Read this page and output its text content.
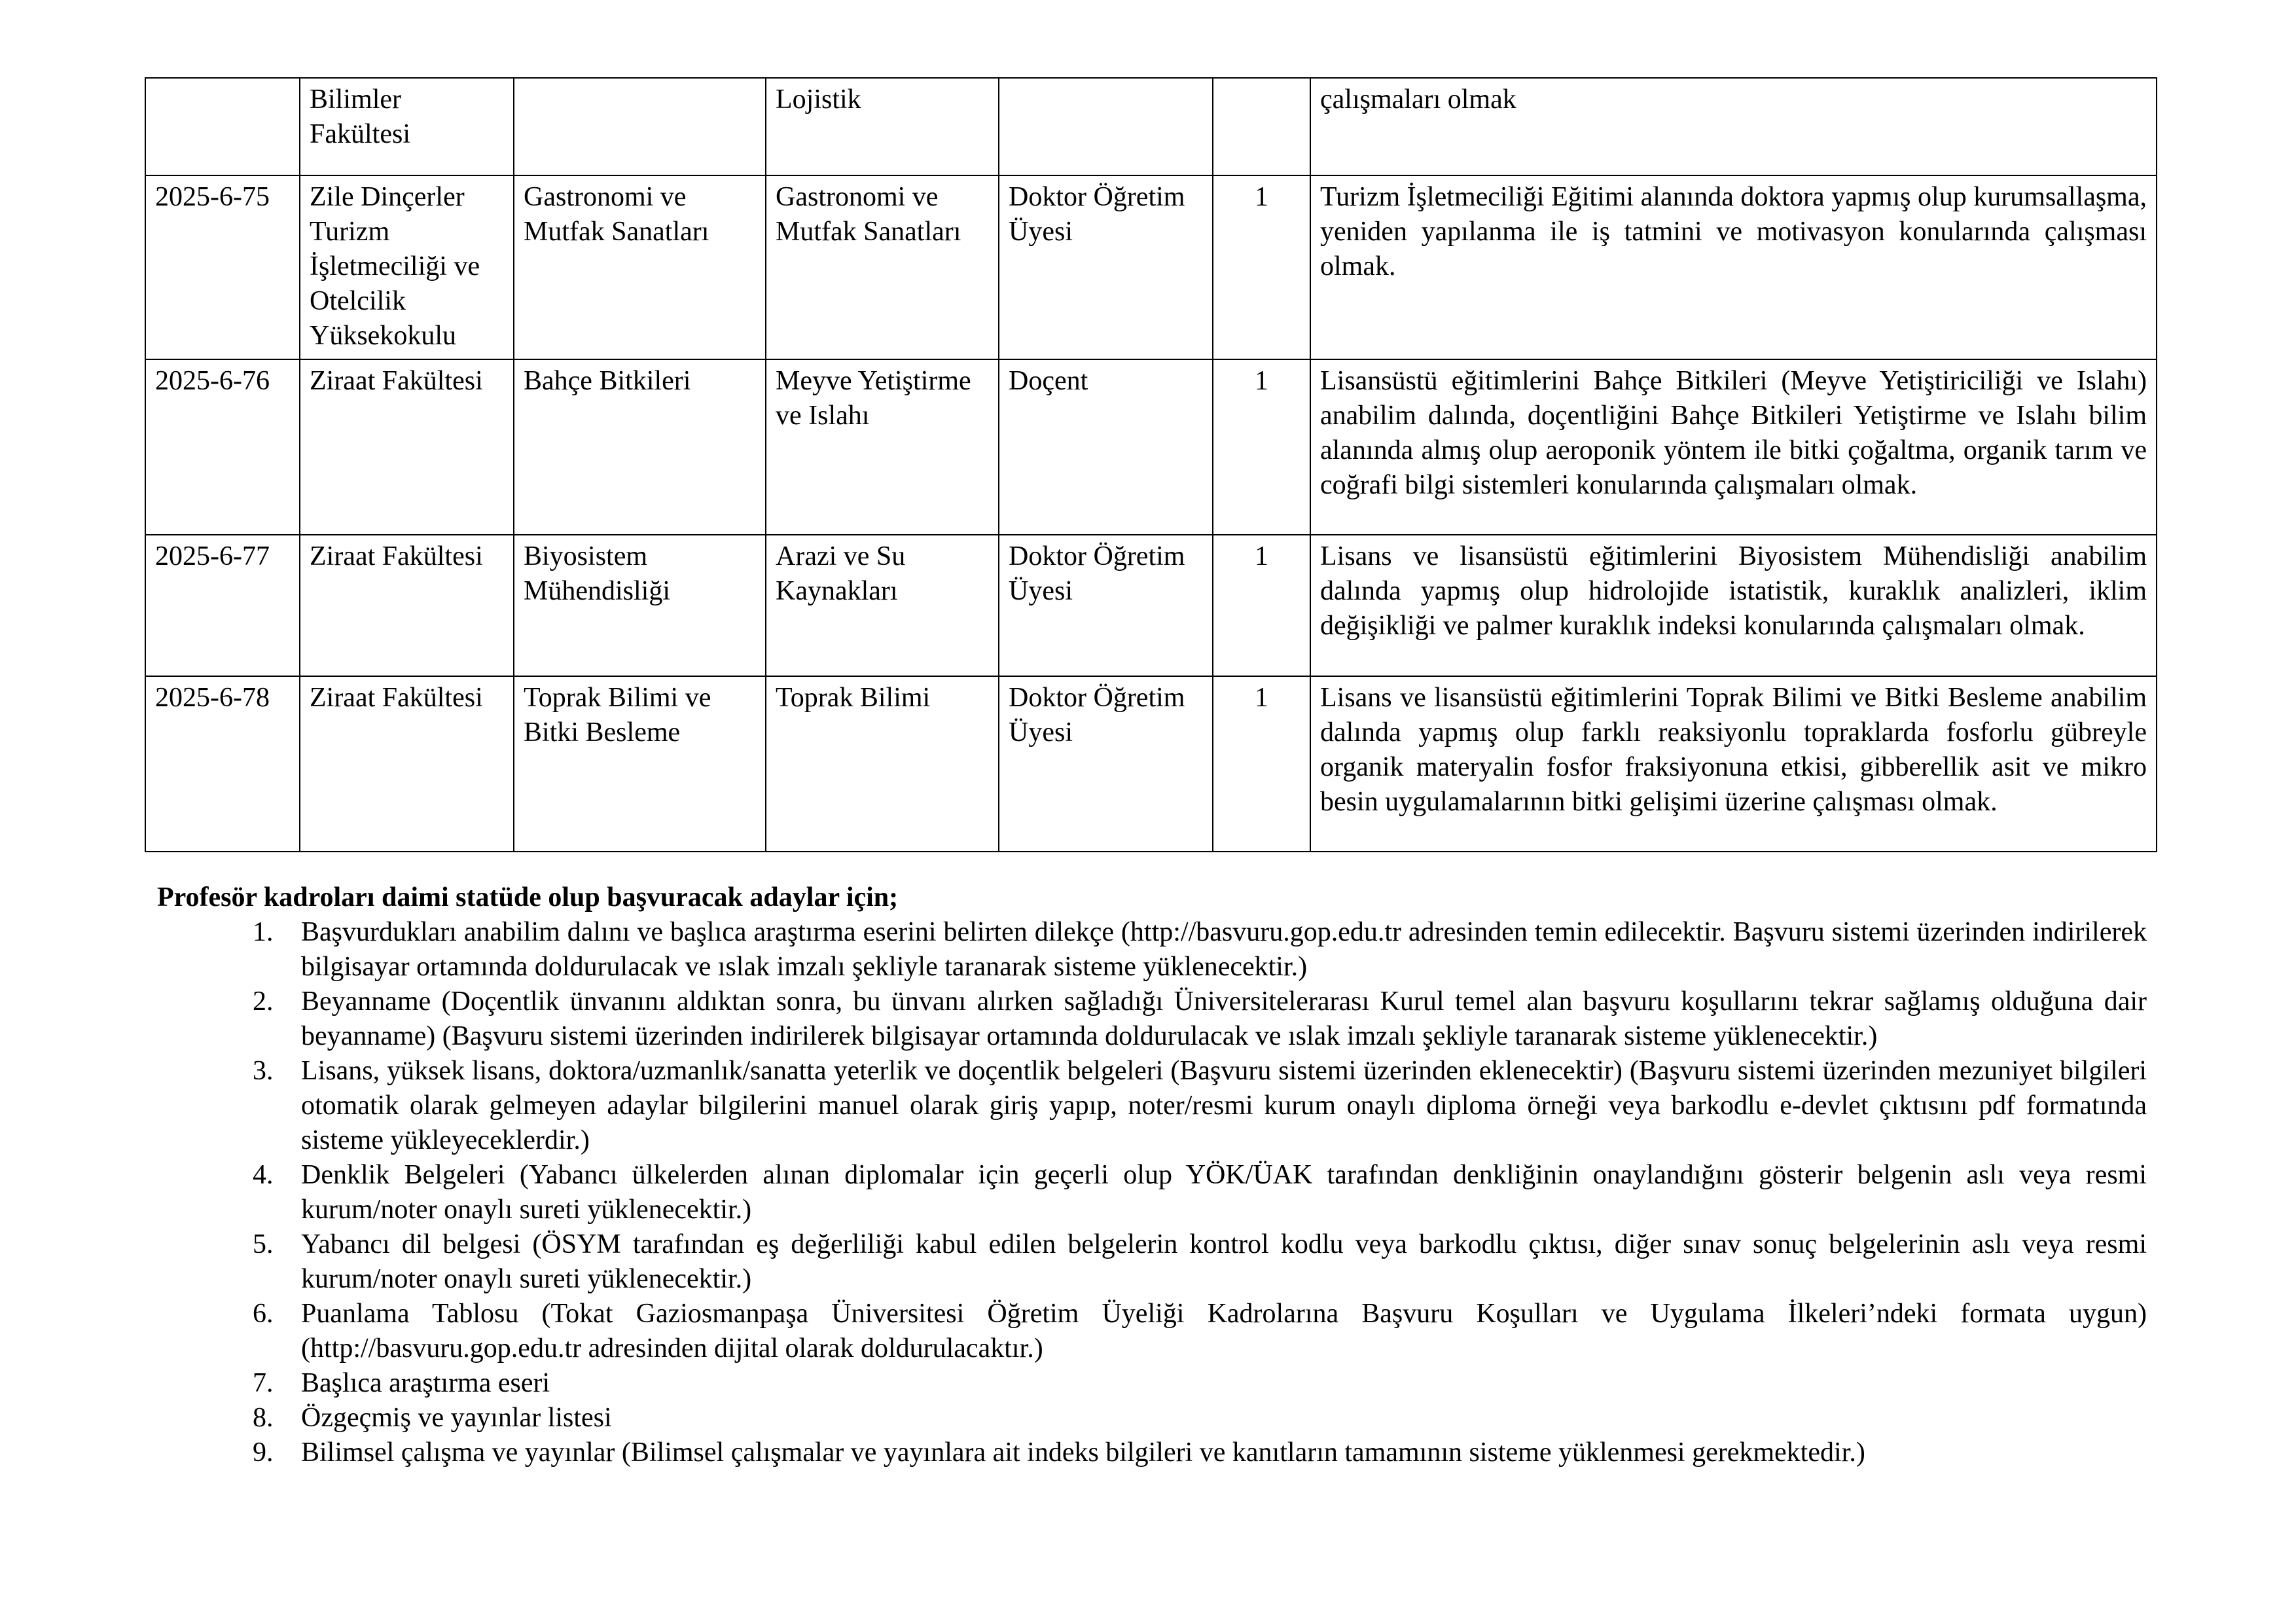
	Bilimler Fakültesi		Lojistik			çalışmaları olmak
2025-6-75	Zile Dinçerler Turizm İşletmeciliği ve Otelcilik Yüksekokulu	Gastronomi ve Mutfak Sanatları	Gastronomi ve Mutfak Sanatları	Doktor Öğretim Üyesi	1	Turizm İşletmeciliği Eğitimi alanında doktora yapmış olup kurumsallaşma, yeniden yapılanma ile iş tatmini ve motivasyon konularında çalışması olmak.
2025-6-76	Ziraat Fakültesi	Bahçe Bitkileri	Meyve Yetiştirme ve Islahı	Doçent	1	Lisansüstü eğitimlerini Bahçe Bitkileri (Meyve Yetiştiriciliği ve Islahı) anabilim dalında, doçentliğini Bahçe Bitkileri Yetiştirme ve Islahı bilim alanında almış olup aeroponik yöntem ile bitki çoğaltma, organik tarım ve coğrafi bilgi sistemleri konularında çalışmaları olmak.
2025-6-77	Ziraat Fakültesi	Biyosistem Mühendisliği	Arazi ve Su Kaynakları	Doktor Öğretim Üyesi	1	Lisans ve lisansüstü eğitimlerini Biyosistem Mühendisliği anabilim dalında yapmış olup hidrolojide istatistik, kuraklık analizleri, iklim değişikliği ve palmer kuraklık indeksi konularında çalışmaları olmak.
2025-6-78	Ziraat Fakültesi	Toprak Bilimi ve Bitki Besleme	Toprak Bilimi	Doktor Öğretim Üyesi	1	Lisans ve lisansüstü eğitimlerini Toprak Bilimi ve Bitki Besleme anabilim dalında yapmış olup farklı reaksiyonlu topraklarda fosforlu gübreyle organik materyalin fosfor fraksiyonuna etkisi, gibberellik asit ve mikro besin uygulamalarının bitki gelişimi üzerine çalışması olmak.
Profesör kadroları daimi statüde olup başvuracak adaylar için;
1. Başvurdukları anabilim dalını ve başlıca araştırma eserini belirten dilekçe (http://basvuru.gop.edu.tr adresinden temin edilecektir. Başvuru sistemi üzerinden indirilerek bilgisayar ortamında doldurulacak ve ıslak imzalı şekliyle taranarak sisteme yüklenecektir.)
2. Beyanname (Doçentlik ünvanını aldıktan sonra, bu ünvanı alırken sağladığı Üniversitelerarası Kurul temel alan başvuru koşullarını tekrar sağlamış olduğuna dair beyanname) (Başvuru sistemi üzerinden indirilerek bilgisayar ortamında doldurulacak ve ıslak imzalı şekliyle taranarak sisteme yüklenecektir.)
3. Lisans, yüksek lisans, doktora/uzmanlık/sanatta yeterlik ve doçentlik belgeleri (Başvuru sistemi üzerinden eklenecektir) (Başvuru sistemi üzerinden mezuniyet bilgileri otomatik olarak gelmeyen adaylar bilgilerini manuel olarak giriş yapıp, noter/resmi kurum onaylı diploma örneği veya barkodlu e-devlet çıktısını pdf formatında sisteme yükleyeceklerdir.)
4. Denklik Belgeleri (Yabancı ülkelerden alınan diplomalar için geçerli olup YÖK/ÜAK tarafından denkliğinin onaylandığını gösterir belgenin aslı veya resmi kurum/noter onaylı sureti yüklenecektir.)
5. Yabancı dil belgesi (ÖSYM tarafından eş değerliliği kabul edilen belgelerin kontrol kodlu veya barkodlu çıktısı, diğer sınav sonuç belgelerinin aslı veya resmi kurum/noter onaylı sureti yüklenecektir.)
6. Puanlama Tablosu (Tokat Gaziosmanpaşa Üniversitesi Öğretim Üyeliği Kadrolarına Başvuru Koşulları ve Uygulama İlkeleri’ndeki formata uygun) (http://basvuru.gop.edu.tr adresinden dijital olarak doldurulacaktır.)
7. Başlıca araştırma eseri
8. Özgeçmiş ve yayınlar listesi
9. Bilimsel çalışma ve yayınlar (Bilimsel çalışmalar ve yayınlara ait indeks bilgileri ve kanıtların tamamının sisteme yüklenmesi gerekmektedir.)
